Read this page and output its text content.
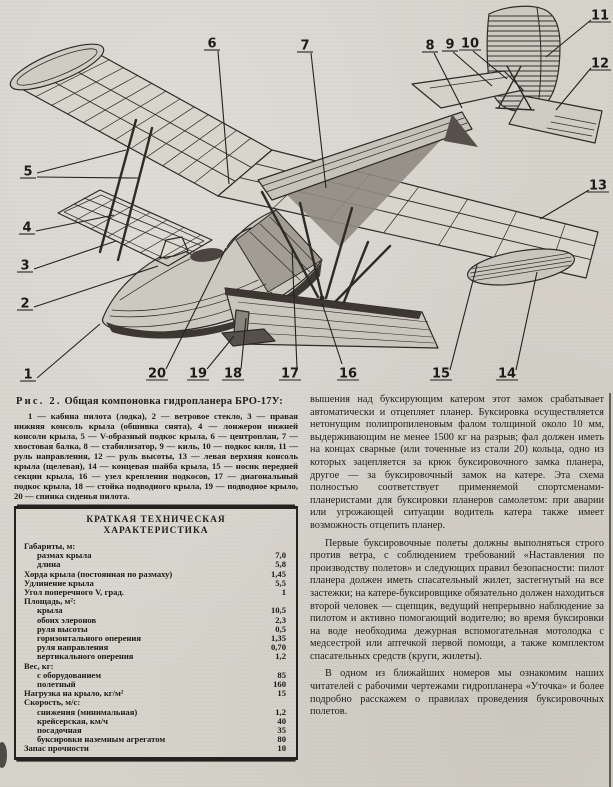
1
2
3
4
5
6	7	8 9 10
11
12
13
14
15
16
17
18
19
20

Рис. 2. Общая компоновка гидропланера БРО-17У:

1 — кабина пилота (лодка), 2 — ветровое стекло, 3 — правая нижняя консоль крыла (обшивка снята), 4 — лонжерон нижней консоли крыла, 5 — V-образный подкос крыла, 6 — центроплан, 7 — хвостовая балка, 8 — стабилизатор, 9 — киль, 10 — подкос киля, 11 — руль направления, 12 — руль высоты, 13 — левая верхняя консоль крыла (щелевая), 14 — концевая шайба крыла, 15 — носик передней секции крыла, 16 — узел крепления подкосов, 17 — диагональный подкос крыла, 18 — стойка подводного крыла, 19 — подводное крыло, 20 — спинка сиденья пилота.

КРАТКАЯ ТЕХНИЧЕСКАЯ
ХАРАКТЕРИСТИКА
Габариты, м:
размах крыла	7,0
длина	5,8
Хорда крыла (постоянная по размаху)	1,45
Удлинение крыла	5,5
Угол поперечного V, град.	1
Площадь, м²:
крыла	10,5
обоих элеронов	2,3
руля высоты	0,5
горизонтального оперения	1,35
руля направления	0,70
вертикального оперения	1,2
Вес, кг:
с оборудованием	85
полетный	160
Нагрузка на крыло, кг/м²	15
Скорость, м/с:
снижения (минимальная)	1,2
крейсерская, км/ч	40
посадочная	35
буксировки наземным агрегатом	80
Запас прочности	10

вышения над буксирующим катером этот замок срабатывает автоматически и отцепляет планер. Буксировка осуществляется нетонущим полипропиленовым фалом толщиной около 10 мм, выдерживающим не менее 1500 кг на разрыв; фал должен иметь на концах сварные (или точенные из стали 20) кольца, одно из которых зацепляется за крюк буксировочного замка планера, другое — за буксировочный замок на катере. Эта схема полностью соответствует применяемой спортсменами-планеристами для буксировки планеров самолетом: при аварии или угрожающей ситуации водитель катера также имеет возможность отцепить планер.

Первые буксировочные полеты должны выполняться строго против ветра, с соблюдением требований «Наставления по производству полетов» и следующих правил безопасности: пилот планера должен иметь спасательный жилет, застегнутый на все застежки; на катере-буксировщике обязательно должен находиться второй человек — сцепщик, ведущий непрерывно наблюдение за пилотом и активно помогающий водителю; во время буксировки на воде необходима дежурная вспомогательная мотолодка с медсестрой или аптечкой первой помощи, а также комплектом спасательных средств (круги, жилеты).

В одном из ближайших номеров мы ознакомим наших читателей с рабочими чертежами гидропланера «Уточка» и более подробно расскажем о правилах проведения буксировочных полетов.
